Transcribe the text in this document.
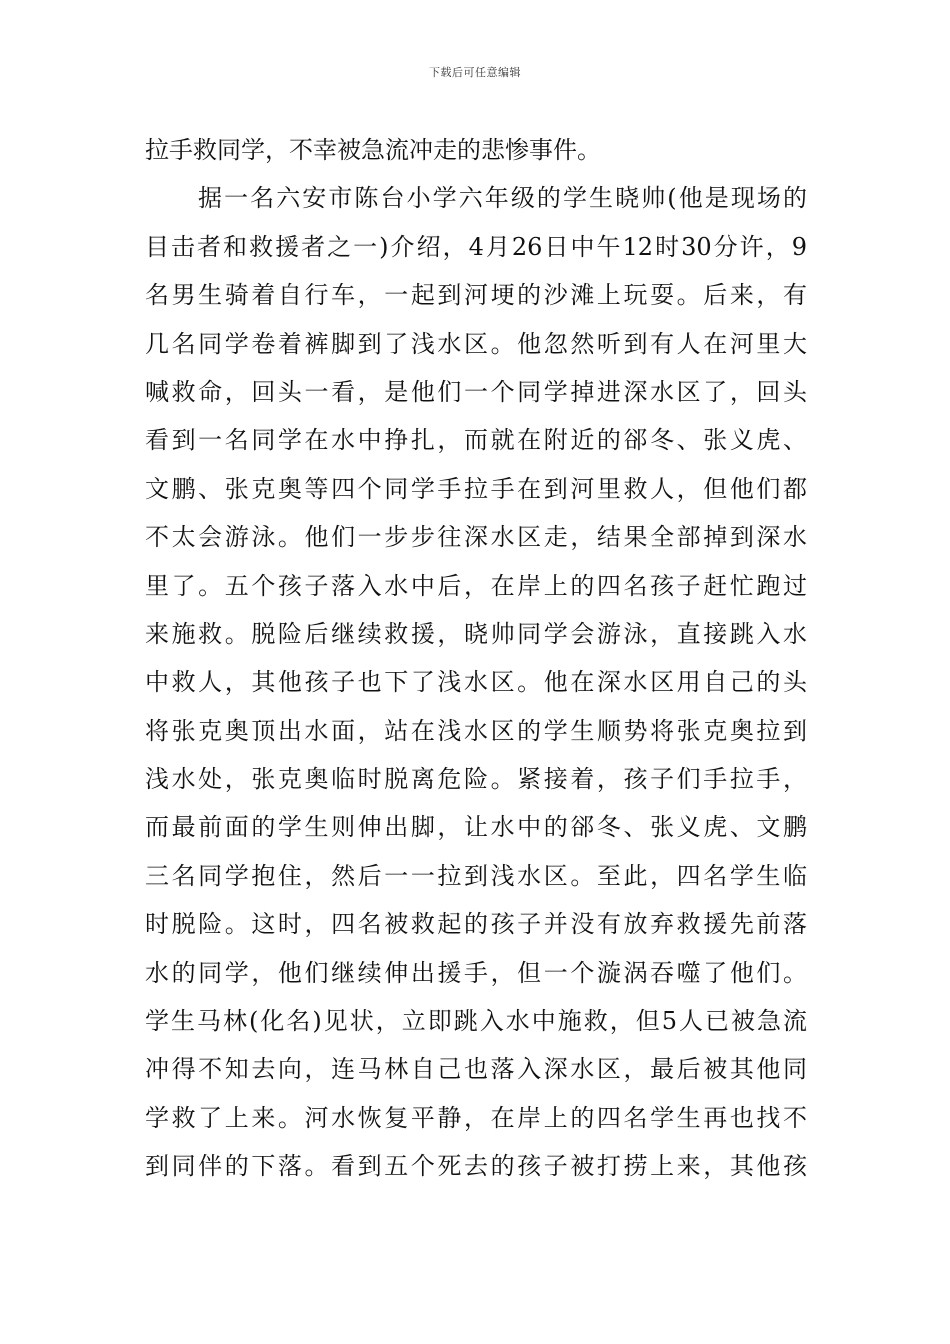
下载后可任意编辑
拉手救同学，不幸被急流冲走的悲惨事件。
据一名六安市陈台小学六年级的学生晓帅(他是现场的
目击者和救援者之一)介绍，4月26日中午12时30分许，9
名男生骑着自行车，一起到河埂的沙滩上玩耍。后来，有
几名同学卷着裤脚到了浅水区。他忽然听到有人在河里大
喊救命，回头一看，是他们一个同学掉进深水区了，回头
看到一名同学在水中挣扎，而就在附近的郤冬、张义虎、
文鹏、张克奥等四个同学手拉手在到河里救人，但他们都
不太会游泳。他们一步步往深水区走，结果全部掉到深水
里了。五个孩子落入水中后，在岸上的四名孩子赶忙跑过
来施救。脱险后继续救援，晓帅同学会游泳，直接跳入水
中救人，其他孩子也下了浅水区。他在深水区用自己的头
将张克奥顶出水面，站在浅水区的学生顺势将张克奥拉到
浅水处，张克奥临时脱离危险。紧接着，孩子们手拉手，
而最前面的学生则伸出脚，让水中的郤冬、张义虎、文鹏
三名同学抱住，然后一一拉到浅水区。至此，四名学生临
时脱险。这时，四名被救起的孩子并没有放弃救援先前落
水的同学，他们继续伸出援手，但一个漩涡吞噬了他们。
学生马林(化名)见状，立即跳入水中施救，但5人已被急流
冲得不知去向，连马林自己也落入深水区，最后被其他同
学救了上来。河水恢复平静，在岸上的四名学生再也找不
到同伴的下落。看到五个死去的孩子被打捞上来，其他孩
